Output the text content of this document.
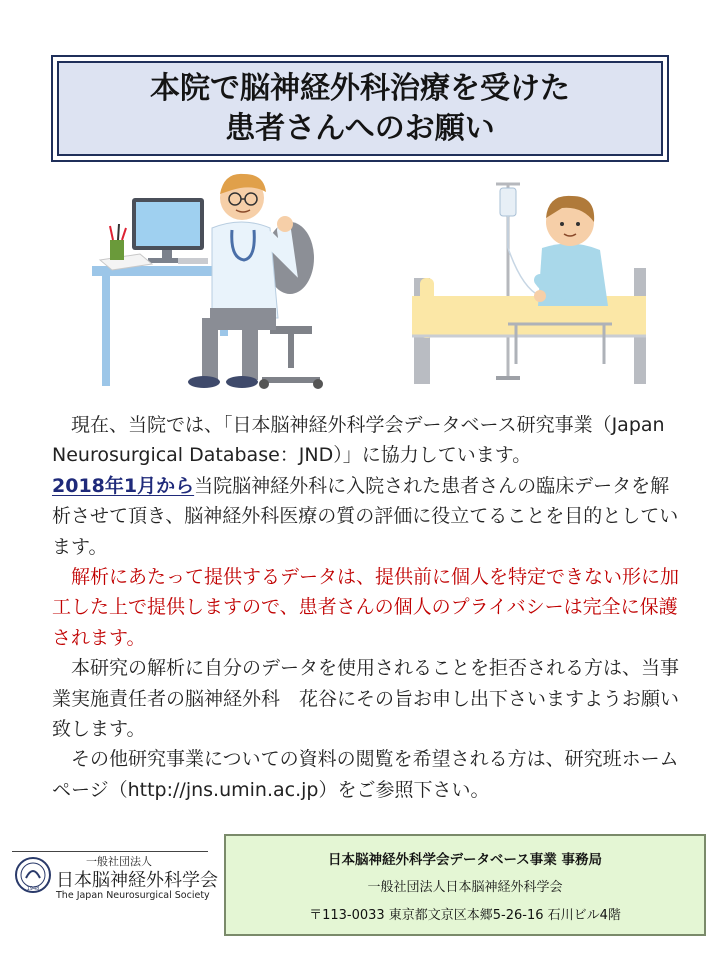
本院で脳神経外科治療を受けた
患者さんへのお願い

現在、当院では、「日本脳神経外科学会データベース研究事業（Japan Neurosurgical Database：JND）」に協力しています。

2018年1月から当院脳神経外科に入院された患者さんの臨床データを解析させて頂き、脳神経外科医療の質の評価に役立てることを目的としています。

解析にあたって提供するデータは、提供前に個人を特定できない形に加工した上で提供しますので、患者さんの個人のプライバシーは完全に保護されます。

本研究の解析に自分のデータを使用されることを拒否される方は、当事業実施責任者の脳神経外科　花谷にその旨お申し出下さいますようお願い致します。

その他研究事業についての資料の閲覧を希望される方は、研究班ホームページ（http://jns.umin.ac.jp）をご参照下さい。

1948
一般社団法人
日本脳神経外科学会
The Japan Neurosurgical Society
日本脳神経外科学会データベース事業 事務局
一般社団法人日本脳神経外科学会
〒113-0033 東京都文京区本郷5-26-16 石川ビル4階
